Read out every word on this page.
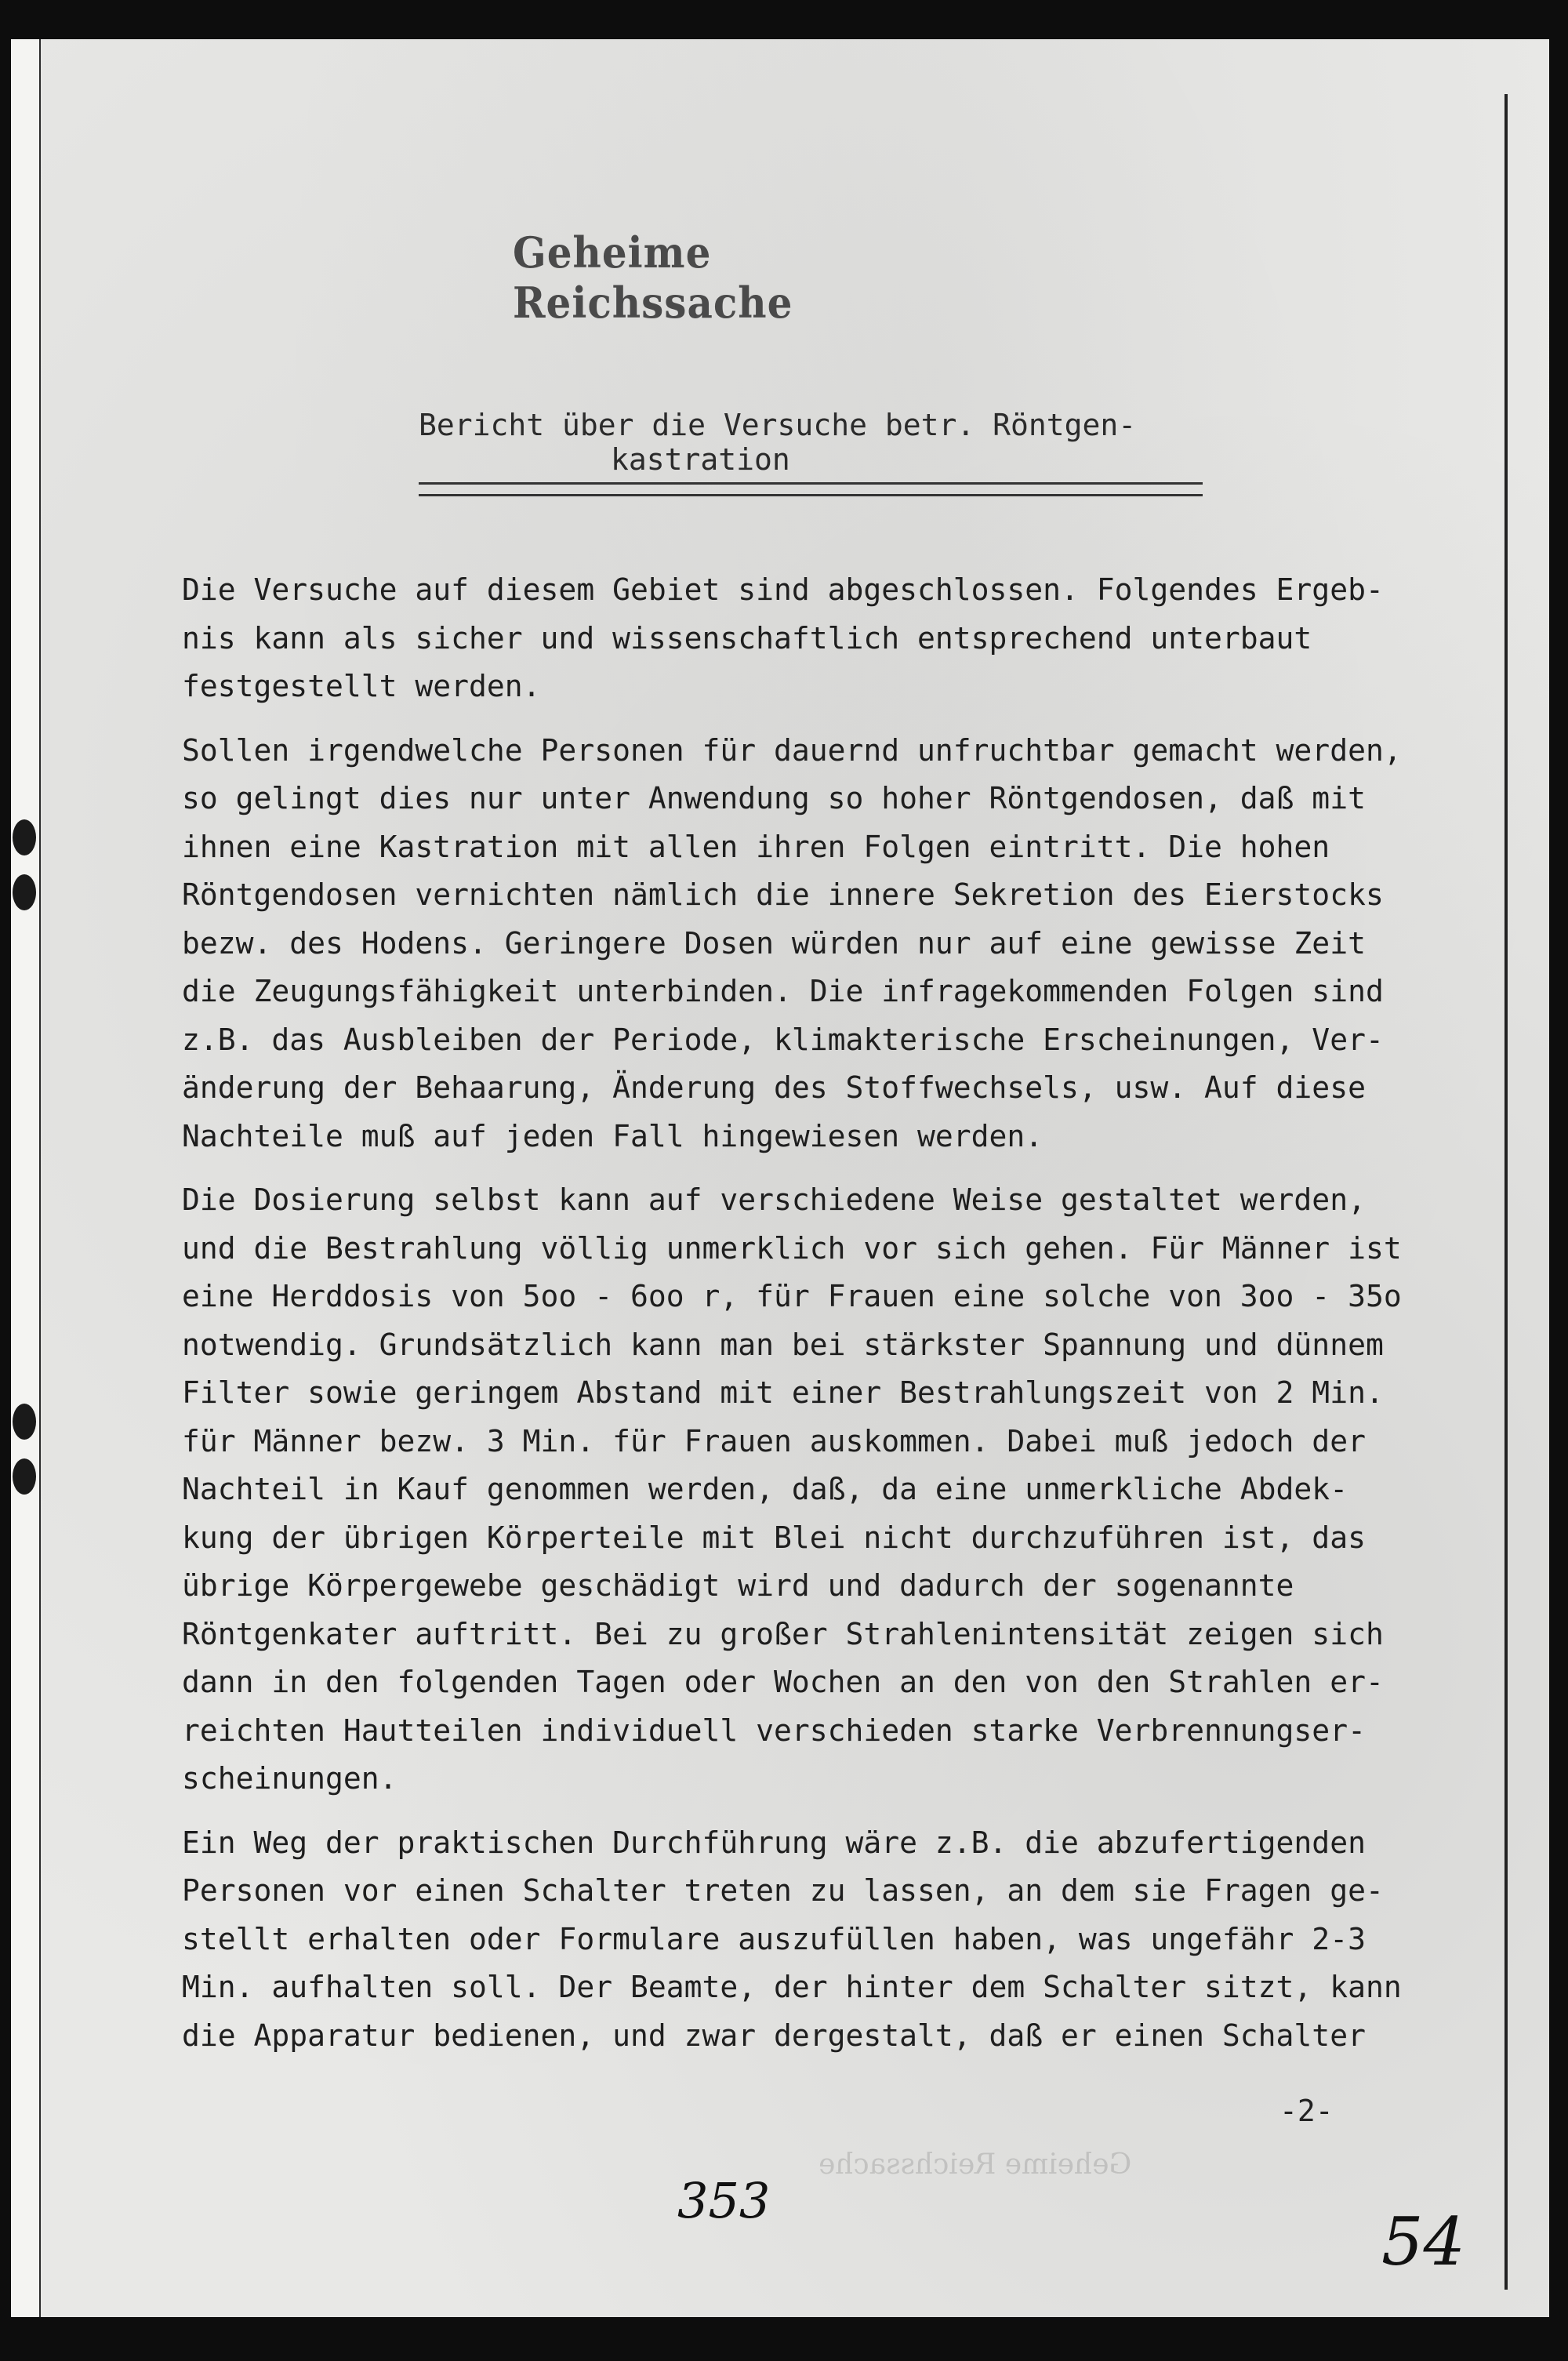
Geheime Reichssache
Bericht über die Versuche betr. Röntgen-
kastration
Die Versuche auf diesem Gebiet sind abgeschlossen. Folgendes Ergeb-
nis kann als sicher und wissenschaftlich entsprechend unterbaut
festgestellt werden.
Sollen irgendwelche Personen für dauernd unfruchtbar gemacht werden,
so gelingt dies nur unter Anwendung so hoher Röntgendosen, daß mit
ihnen eine Kastration mit allen ihren Folgen eintritt. Die hohen
Röntgendosen vernichten nämlich die innere Sekretion des Eierstocks
bezw. des Hodens. Geringere Dosen würden nur auf eine gewisse Zeit
die Zeugungsfähigkeit unterbinden. Die infragekommenden Folgen sind
z.B. das Ausbleiben der Periode, klimakterische Erscheinungen, Ver-
änderung der Behaarung, Änderung des Stoffwechsels, usw. Auf diese
Nachteile muß auf jeden Fall hingewiesen werden.
Die Dosierung selbst kann auf verschiedene Weise gestaltet werden,
und die Bestrahlung völlig unmerklich vor sich gehen. Für Männer ist
eine Herddosis von 5oo - 6oo r, für Frauen eine solche von 3oo - 35o
notwendig. Grundsätzlich kann man bei stärkster Spannung und dünnem
Filter sowie geringem Abstand mit einer Bestrahlungszeit von 2 Min.
für Männer bezw. 3 Min. für Frauen auskommen. Dabei muß jedoch der
Nachteil in Kauf genommen werden, daß, da eine unmerkliche Abdek-
kung der übrigen Körperteile mit Blei nicht durchzuführen ist, das
übrige Körpergewebe geschädigt wird und dadurch der sogenannte
Röntgenkater auftritt. Bei zu großer Strahlenintensität zeigen sich
dann in den folgenden Tagen oder Wochen an den von den Strahlen er-
reichten Hautteilen individuell verschieden starke Verbrennungser-
scheinungen.
Ein Weg der praktischen Durchführung wäre z.B. die abzufertigenden
Personen vor einen Schalter treten zu lassen, an dem sie Fragen ge-
stellt erhalten oder Formulare auszufüllen haben, was ungefähr 2-3
Min. aufhalten soll. Der Beamte, der hinter dem Schalter sitzt, kann
die Apparatur bedienen, und zwar dergestalt, daß er einen Schalter
Geheime Reichssache
-2-
353
54
